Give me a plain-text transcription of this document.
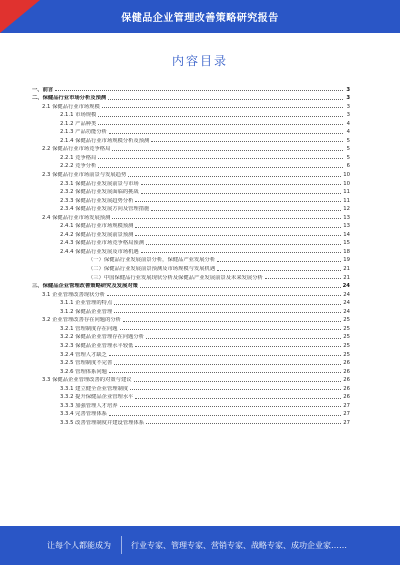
保健品企业管理改善策略研究报告
内容目录
一、前言	3
二、保健品行业市场分析及预测	3
2.1 保健品行业市场规模	3
2.1.1 市场规模	3
2.1.2 产品种类	4
2.1.3 产品功能分析	4
2.1.4 保健品行业市场规模分析及预测	5
2.2 保健品行业市场竞争格局	5
2.2.1 竞争格局	5
2.2.2 竞争分析	6
2.3 保健品行业市场前景与发展趋势	10
2.3.1 保健品行业发展前景与市场	10
2.3.2 保健品行业发展面临的挑战	11
2.3.3 保健品行业发展趋势分析	11
2.3.4 保健品行业发展方向及管理措施	12
2.4 保健品行业市场发展预测	13
2.4.1 保健品行业市场规模预测	13
2.4.2 保健品行业发展前景预测	14
2.4.3 保健品行业市场竞争格局预测	15
2.4.4 保健品行业发展及市场机遇	18
（一）保健品行业发展前景分析，保健品产业发展分析	19
（二）保健品行业发展前景预测及市场规模与发展机遇	21
（三）中国保健品行业发展现状分析及保健品产业发展前景及未来发展分析	21
三、保健品企业管理改善策略研究及发展对策	24
3.1 企业管理改善现状分析	24
3.1.1 企业管理的特点	24
3.1.2 保健品企业管理	24
3.2 企业管理改善存在问题的分析	25
3.2.1 管理制度存在问题	25
3.2.2 保健品企业管理存在问题分析	25
3.2.3 保健品企业管理水平较低	25
3.2.4 管理人才缺乏	25
3.2.5 管理制度不完善	26
3.2.6 管理体系问题	26
3.3 保健品企业管理改善的对策与建议	26
3.3.1 建立健全企业管理制度	26
3.3.2 提升保健品企业管理水平	26
3.3.3 加强管理人才培养	27
3.3.4 完善管理体系	27
3.3.5 改善管理制度并建设管理体系	27
让每个人都能成为	行业专家、管理专家、营销专家、战略专家、成功企业家……
